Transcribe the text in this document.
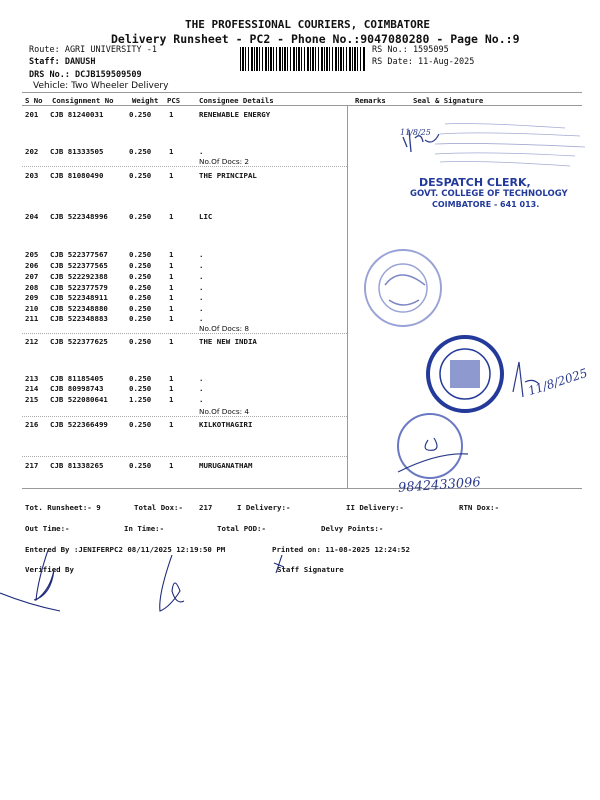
THE PROFESSIONAL COURIERS, COIMBATORE
Delivery Runsheet - PC2 - Phone No.:9047080280 - Page No.:9
Route: AGRI UNIVERSITY -1
Staff: DANUSH
DRS No.: DCJB159509509
Vehicle: Two Wheeler Delivery
RS No.: 1595095
RS Date: 11-Aug-2025
S No Consignment No	Weight PCS	Consignee Details	Remarks	Seal & Signature
201 CJB 81240031	0.250 1	RENEWABLE ENERGY
202 CJB 81333505	0.250 1	.
203 CJB 81080490	0.250 1	THE PRINCIPAL
204 CJB 522348996	0.250 1	LIC
205 CJB 522377567	0.250 1	.
206 CJB 522377565	0.250 1	.
207 CJB 522292388	0.250 1	.
208 CJB 522377579	0.250 1	.
209 CJB 522348911	0.250 1	.
210 CJB 522348880	0.250 1	.
211 CJB 522348883	0.250 1	.
212 CJB 522377625	0.250 1	THE NEW INDIA
213 CJB 81185405	0.250 1	.
214 CJB 80998743	0.250 1	.
215 CJB 522080641	1.250 1	.
216 CJB 522366499	0.250 1	KILKOTHAGIRI
217 CJB 81338265	0.250 1	MURUGANATHAM
No.Of Docs: 2
No.Of Docs: 8
No.Of Docs: 4
11/8/25
DESPATCH CLERK,
GOVT. COLLEGE OF TECHNOLOGY
COIMBATORE - 641 013.
11/8/2025
9842433096
Tot. Runsheet:- 9	Total Dox:- 217	I Delivery:-	II Delivery:-	RTN Dox:-
Out Time:-	In Time:-	Total POD:-	Delvy Points:-
Entered By :JENIFERPC2 08/11/2025 12:19:50 PM	Printed on: 11-08-2025 12:24:52
Verified By	Staff Signature
